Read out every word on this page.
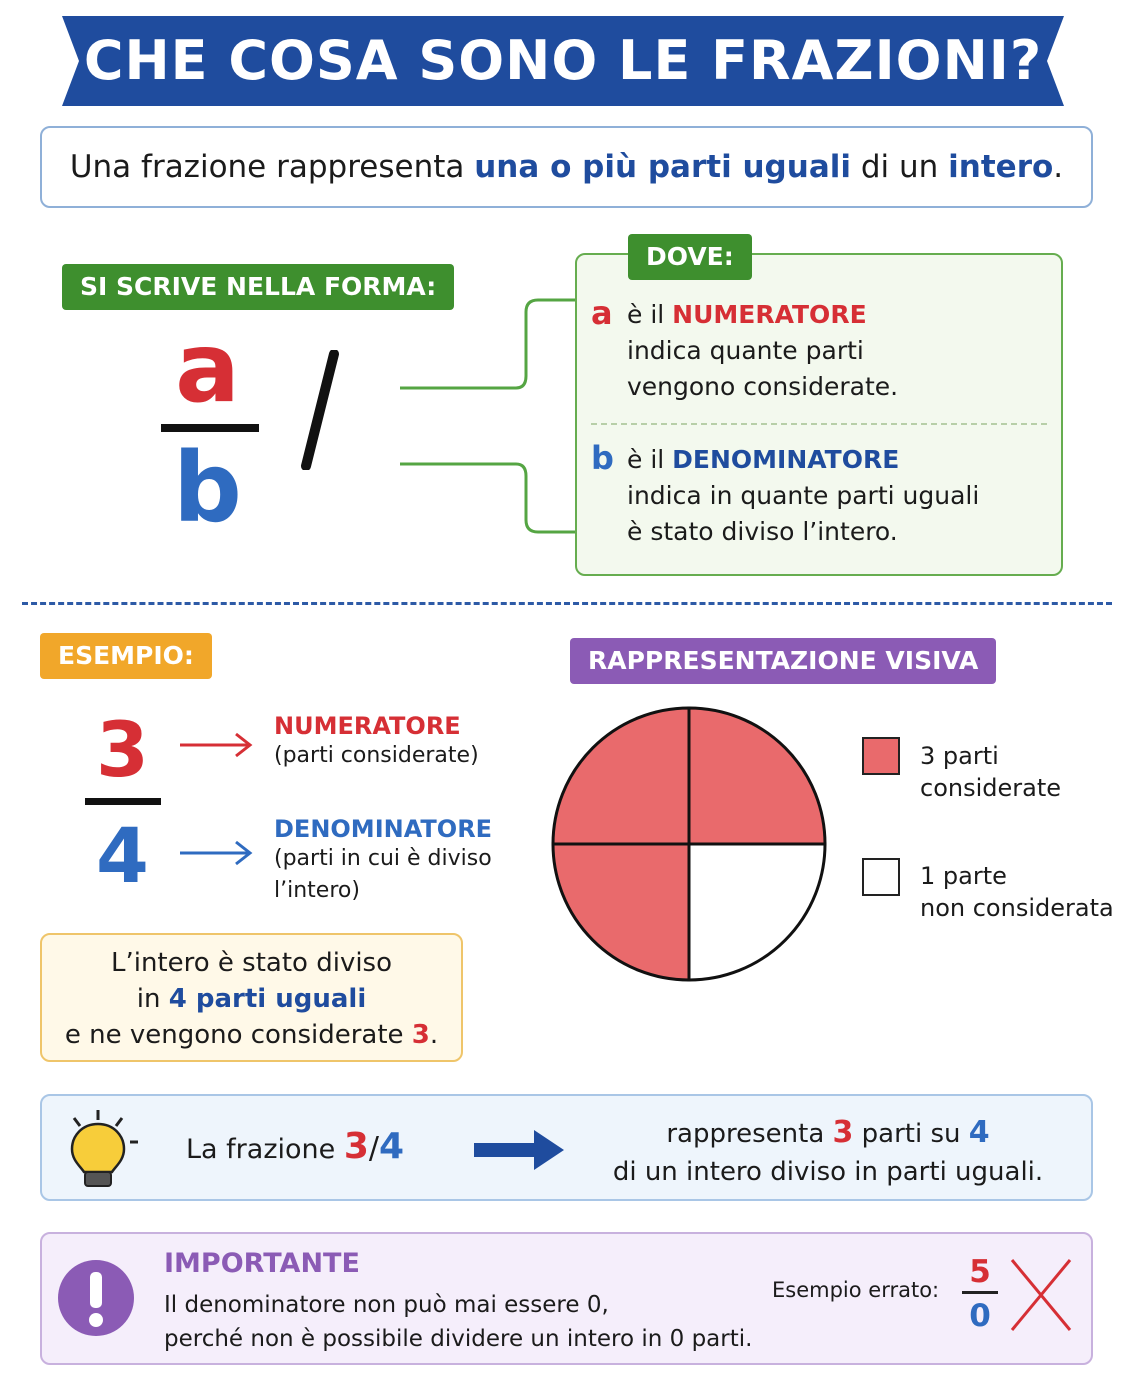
CHE COSA SONO LE FRAZIONI?
Una frazione rappresenta una o più parti uguali di un intero.
SI SCRIVE NELLA FORMA:
a
b
a è il NUMERATORE
indica quante parti
vengono considerate.
b è il DENOMINATORE
indica in quante parti uguali
è stato diviso l’intero.
DOVE:
ESEMPIO:
3
4
NUMERATORE
(parti considerate)
DENOMINATORE
(parti in cui è diviso
l’intero)
L’intero è stato diviso
in 4 parti uguali
e ne vengono considerate 3.
RAPPRESENTAZIONE VISIVA
3 parti
considerate
1 parte
non considerata
La frazione 3/4	rappresenta 3 parti su 4
di un intero diviso in parti uguali.
IMPORTANTE
Il denominatore non può mai essere 0,
perché non è possibile dividere un intero in 0 parti.
Esempio errato: 5
0
